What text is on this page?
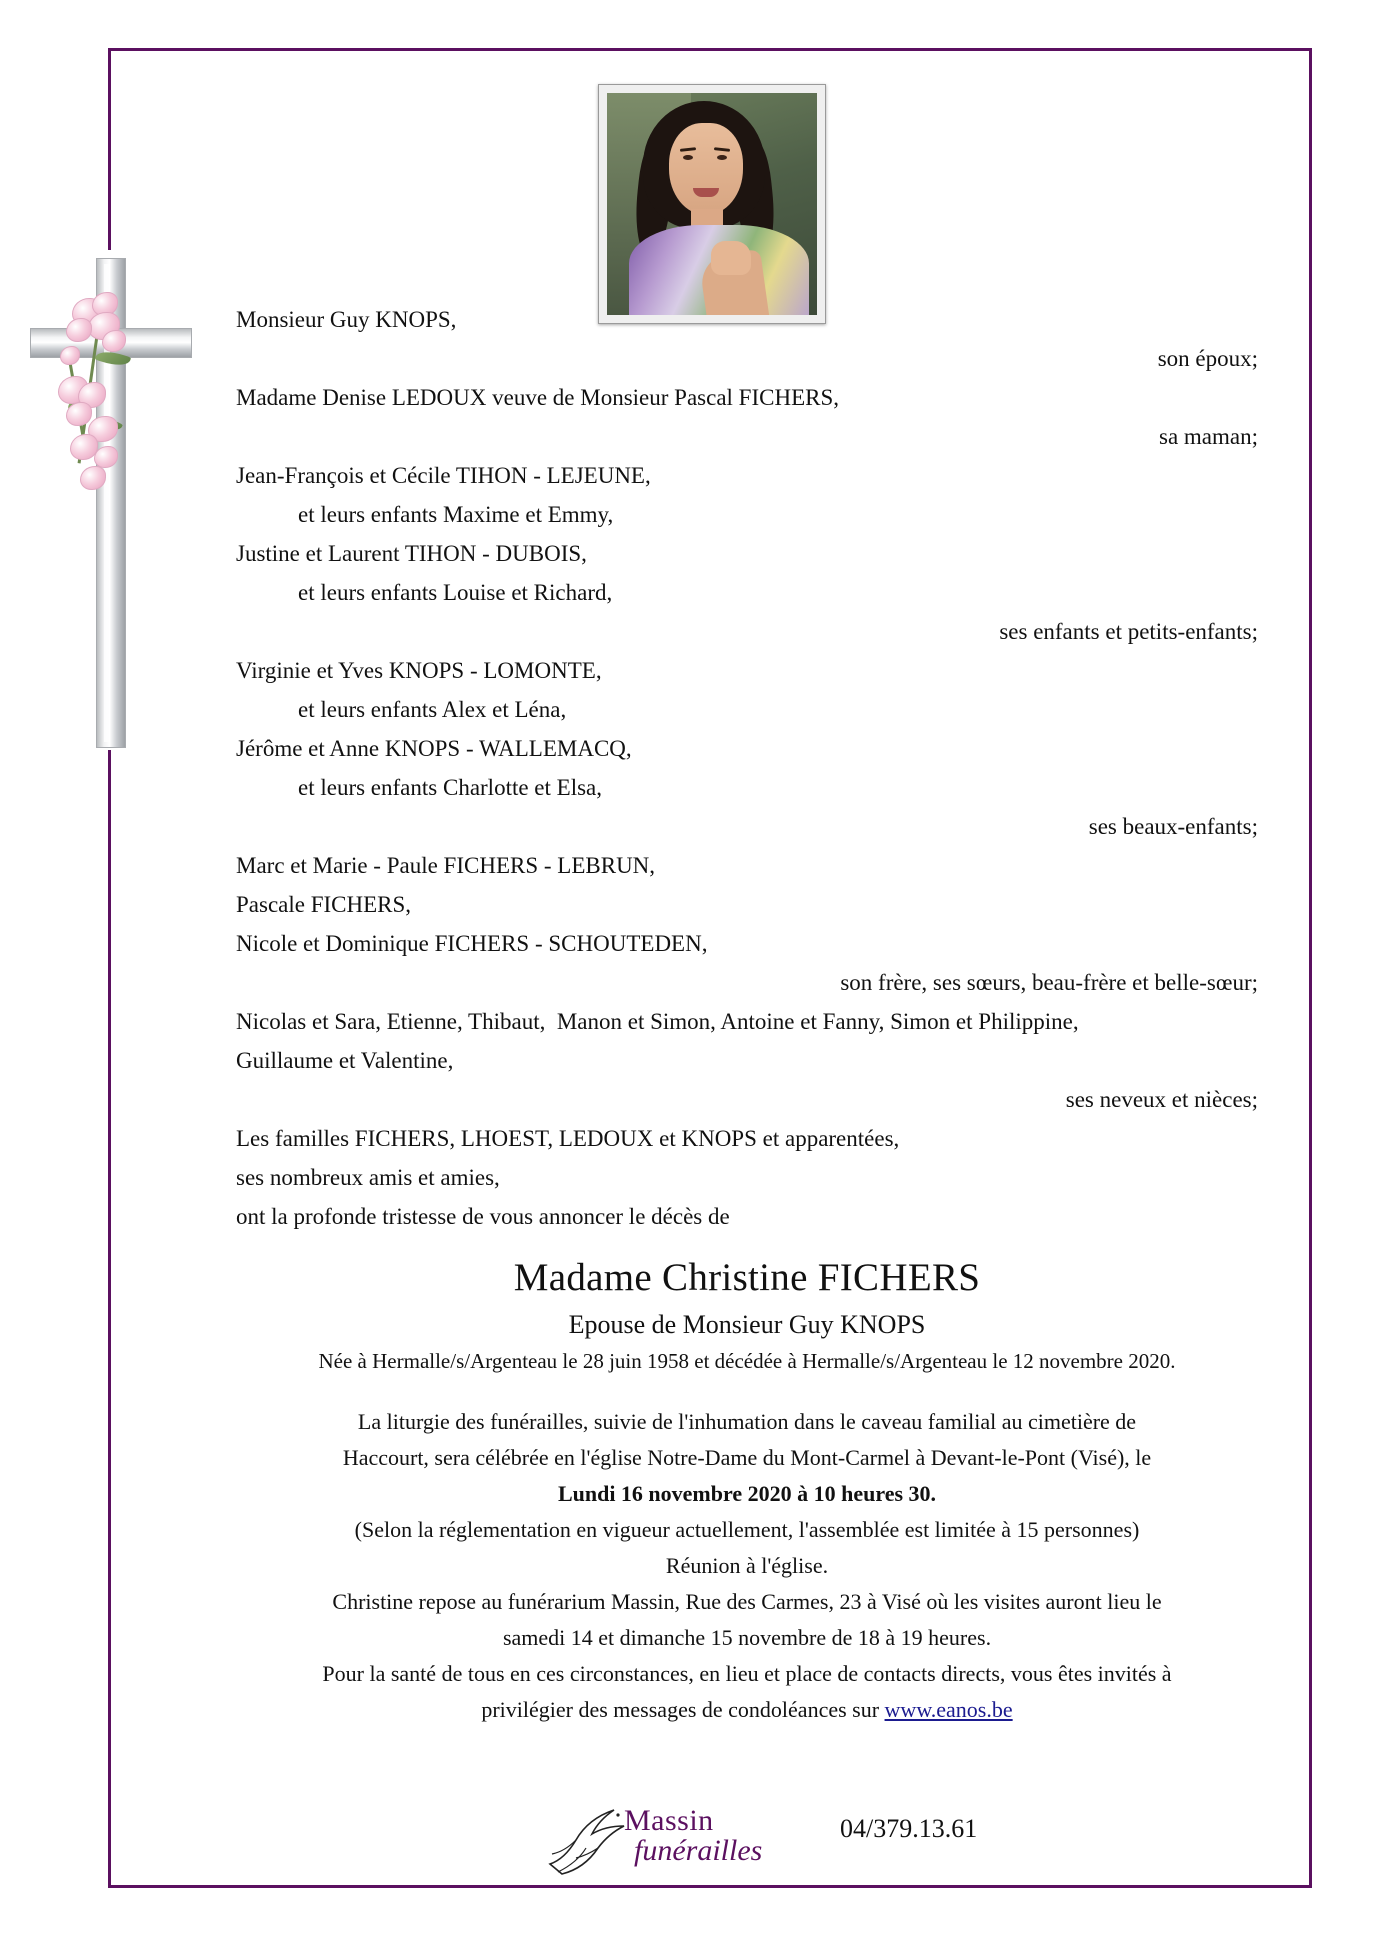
Monsieur Guy KNOPS,
son époux;
Madame Denise LEDOUX veuve de Monsieur Pascal FICHERS,
sa maman;
Jean-François et Cécile TIHON - LEJEUNE,
et leurs enfants Maxime et Emmy,
Justine et Laurent TIHON - DUBOIS,
et leurs enfants Louise et Richard,
ses enfants et petits-enfants;
Virginie et Yves KNOPS - LOMONTE,
et leurs enfants Alex et Léna,
Jérôme et Anne KNOPS - WALLEMACQ,
et leurs enfants Charlotte et Elsa,
ses beaux-enfants;
Marc et Marie - Paule FICHERS - LEBRUN,
Pascale FICHERS,
Nicole et Dominique FICHERS - SCHOUTEDEN,
son frère, ses sœurs, beau-frère et belle-sœur;
Nicolas et Sara, Etienne, Thibaut,  Manon et Simon, Antoine et Fanny, Simon et Philippine,
Guillaume et Valentine,
ses neveux et nièces;
Les familles FICHERS, LHOEST, LEDOUX et KNOPS et apparentées,
ses nombreux amis et amies,
ont la profonde tristesse de vous annoncer le décès de
Madame Christine FICHERS
Epouse de Monsieur Guy KNOPS
Née à Hermalle/s/Argenteau le 28 juin 1958 et décédée à Hermalle/s/Argenteau le 12 novembre 2020.
La liturgie des funérailles, suivie de l'inhumation dans le caveau familial au cimetière de
Haccourt, sera célébrée en l'église Notre-Dame du Mont-Carmel à Devant-le-Pont (Visé), le
Lundi 16 novembre 2020 à 10 heures 30.
(Selon la réglementation en vigueur actuellement, l'assemblée est limitée à 15 personnes)
Réunion à l'église.
Christine repose au funérarium Massin, Rue des Carmes, 23 à Visé où les visites auront lieu le
samedi 14 et dimanche 15 novembre de 18 à 19 heures.
Pour la santé de tous en ces circonstances, en lieu et place de contacts directs, vous êtes invités à
privilégier des messages de condoléances sur www.eanos.be
Massin
funérailles
04/379.13.61
